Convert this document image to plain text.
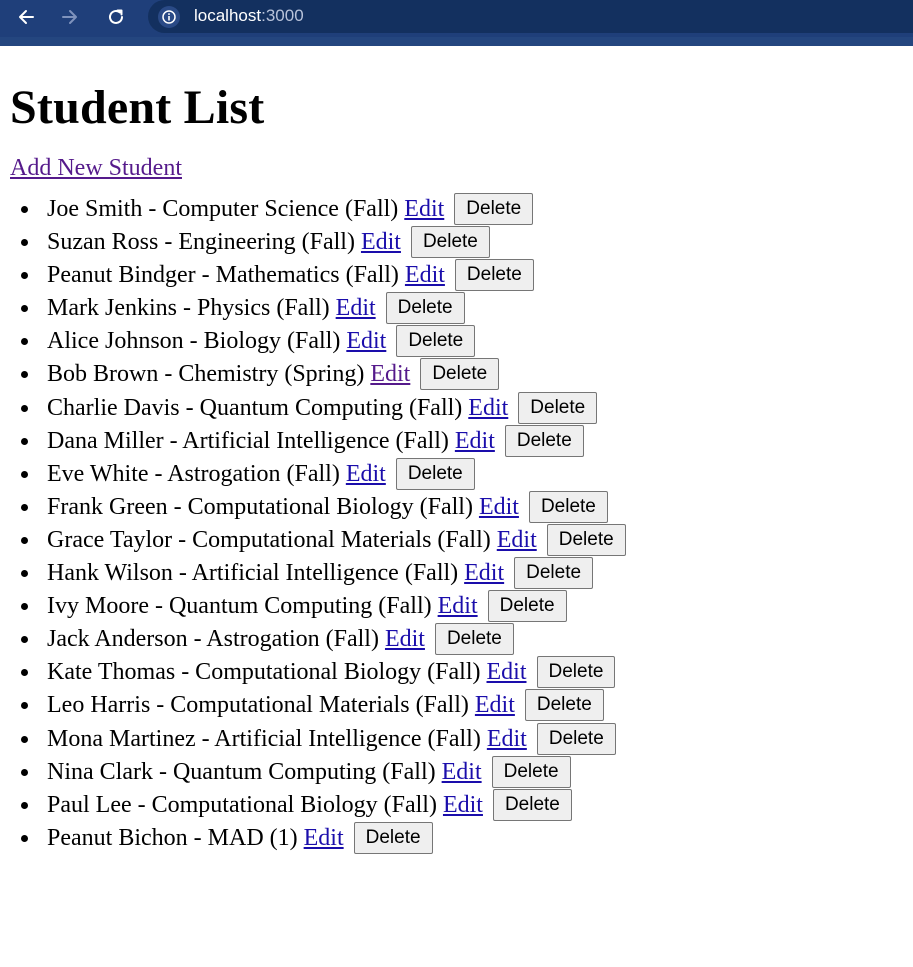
localhost:3000
Student List
Add New Student
Joe Smith - Computer Science (Fall) Edit Delete
Suzan Ross - Engineering (Fall) Edit Delete
Peanut Bindger - Mathematics (Fall) Edit Delete
Mark Jenkins - Physics (Fall) Edit Delete
Alice Johnson - Biology (Fall) Edit Delete
Bob Brown - Chemistry (Spring) Edit Delete
Charlie Davis - Quantum Computing (Fall) Edit Delete
Dana Miller - Artificial Intelligence (Fall) Edit Delete
Eve White - Astrogation (Fall) Edit Delete
Frank Green - Computational Biology (Fall) Edit Delete
Grace Taylor - Computational Materials (Fall) Edit Delete
Hank Wilson - Artificial Intelligence (Fall) Edit Delete
Ivy Moore - Quantum Computing (Fall) Edit Delete
Jack Anderson - Astrogation (Fall) Edit Delete
Kate Thomas - Computational Biology (Fall) Edit Delete
Leo Harris - Computational Materials (Fall) Edit Delete
Mona Martinez - Artificial Intelligence (Fall) Edit Delete
Nina Clark - Quantum Computing (Fall) Edit Delete
Paul Lee - Computational Biology (Fall) Edit Delete
Peanut Bichon - MAD (1) Edit Delete
